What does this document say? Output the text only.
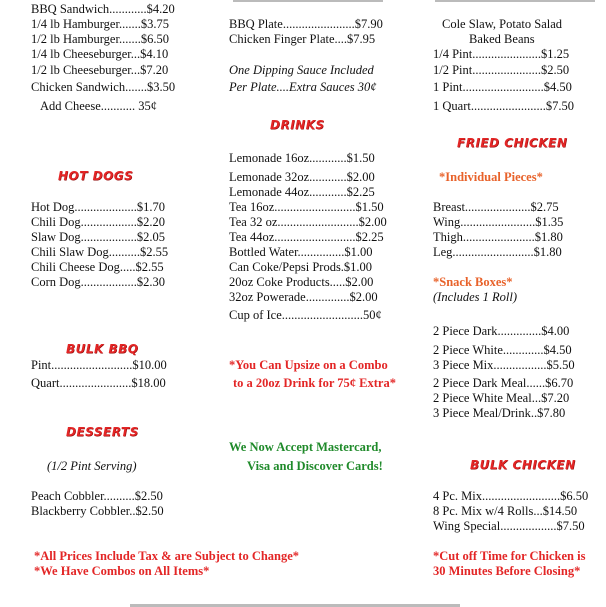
BBQ Sandwich............$4.20
1/4 lb Hamburger.......$3.75
1/2 lb Hamburger.......$6.50
1/4 lb Cheeseburger...$4.10
1/2 lb Cheeseburger...$7.20
Chicken Sandwich.......$3.50
Add Cheese........... 35¢
HOT DOGS
Hot Dog....................$1.70
Chili Dog..................$2.20
Slaw Dog..................$2.05
Chili Slaw Dog..........$2.55
Chili Cheese Dog.....$2.55
Corn Dog..................$2.30
BULK BBQ
Pint..........................$10.00
Quart.......................$18.00
DESSERTS
(1/2 Pint Serving)
Peach Cobbler..........$2.50
Blackberry Cobbler..$2.50
*All Prices Include Tax & are Subject to Change*
*We Have Combos on All Items*
BBQ Plate.......................$7.90
Chicken Finger Plate....$7.95
One Dipping Sauce Included
Per Plate....Extra Sauces 30¢
DRINKS
Lemonade 16oz............$1.50
Lemonade 32oz............$2.00
Lemonade 44oz............$2.25
Tea 16oz..........................$1.50
Tea 32 oz..........................$2.00
Tea 44oz..........................$2.25
Bottled Water...............$1.00
Can Coke/Pepsi Prods.$1.00
20oz Coke Products.....$2.00
32oz Powerade..............$2.00
Cup of Ice..........................50¢
*You Can Upsize on a Combo
to a 20oz Drink for 75¢ Extra*
We Now Accept Mastercard,
Visa and Discover Cards!
Cole Slaw, Potato Salad
Baked Beans
1/4 Pint......................$1.25
1/2 Pint......................$2.50
1 Pint..........................$4.50
1 Quart........................$7.50
FRIED CHICKEN
*Individual Pieces*
Breast.....................$2.75
Wing........................$1.35
Thigh.......................$1.80
Leg..........................$1.80
*Snack Boxes*
(Includes 1 Roll)
2 Piece Dark..............$4.00
2 Piece White.............$4.50
3 Piece Mix.................$5.50
2 Piece Dark Meal......$6.70
2 Piece White Meal...$7.20
3 Piece Meal/Drink..$7.80
BULK CHICKEN
4 Pc. Mix.........................$6.50
8 Pc. Mix w/4 Rolls...$14.50
Wing Special..................$7.50
*Cut off Time for Chicken is
30 Minutes Before Closing*
